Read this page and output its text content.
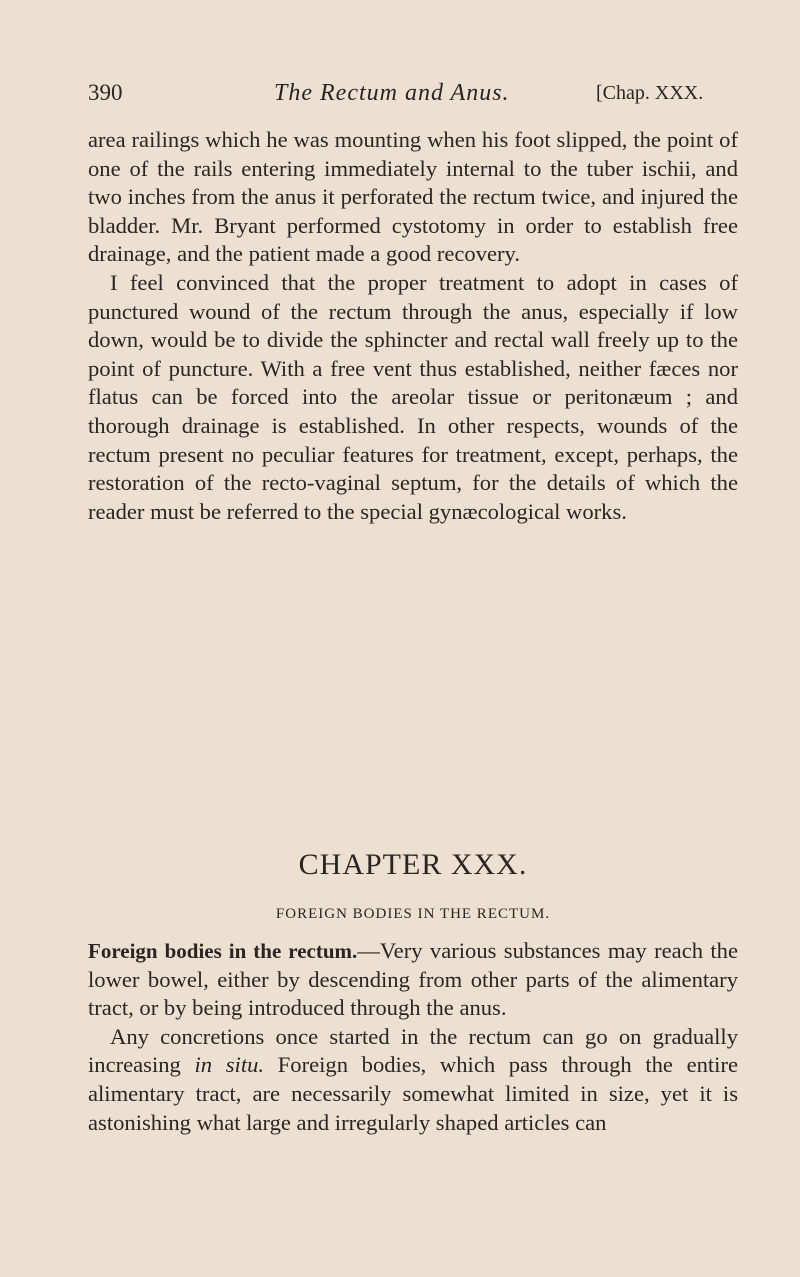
390	The Rectum and Anus.	[Chap. XXX.

area railings which he was mounting when his foot slipped, the point of one of the rails entering immediately internal to the tuber ischii, and two inches from the anus it perforated the rectum twice, and injured the bladder. Mr. Bryant performed cystotomy in order to establish free drainage, and the patient made a good recovery.

I feel convinced that the proper treatment to adopt in cases of punctured wound of the rectum through the anus, especially if low down, would be to divide the sphincter and rectal wall freely up to the point of puncture. With a free vent thus established, neither fæces nor flatus can be forced into the areolar tissue or peritonæum ; and thorough drainage is established. In other respects, wounds of the rectum present no peculiar features for treatment, except, perhaps, the restoration of the recto-vaginal septum, for the details of which the reader must be referred to the special gynæcological works.

CHAPTER XXX.
FOREIGN BODIES IN THE RECTUM.

Foreign bodies in the rectum.—Very various substances may reach the lower bowel, either by descending from other parts of the alimentary tract, or by being introduced through the anus.

Any concretions once started in the rectum can go on gradually increasing in situ. Foreign bodies, which pass through the entire alimentary tract, are necessarily somewhat limited in size, yet it is astonishing what large and irregularly shaped articles can
